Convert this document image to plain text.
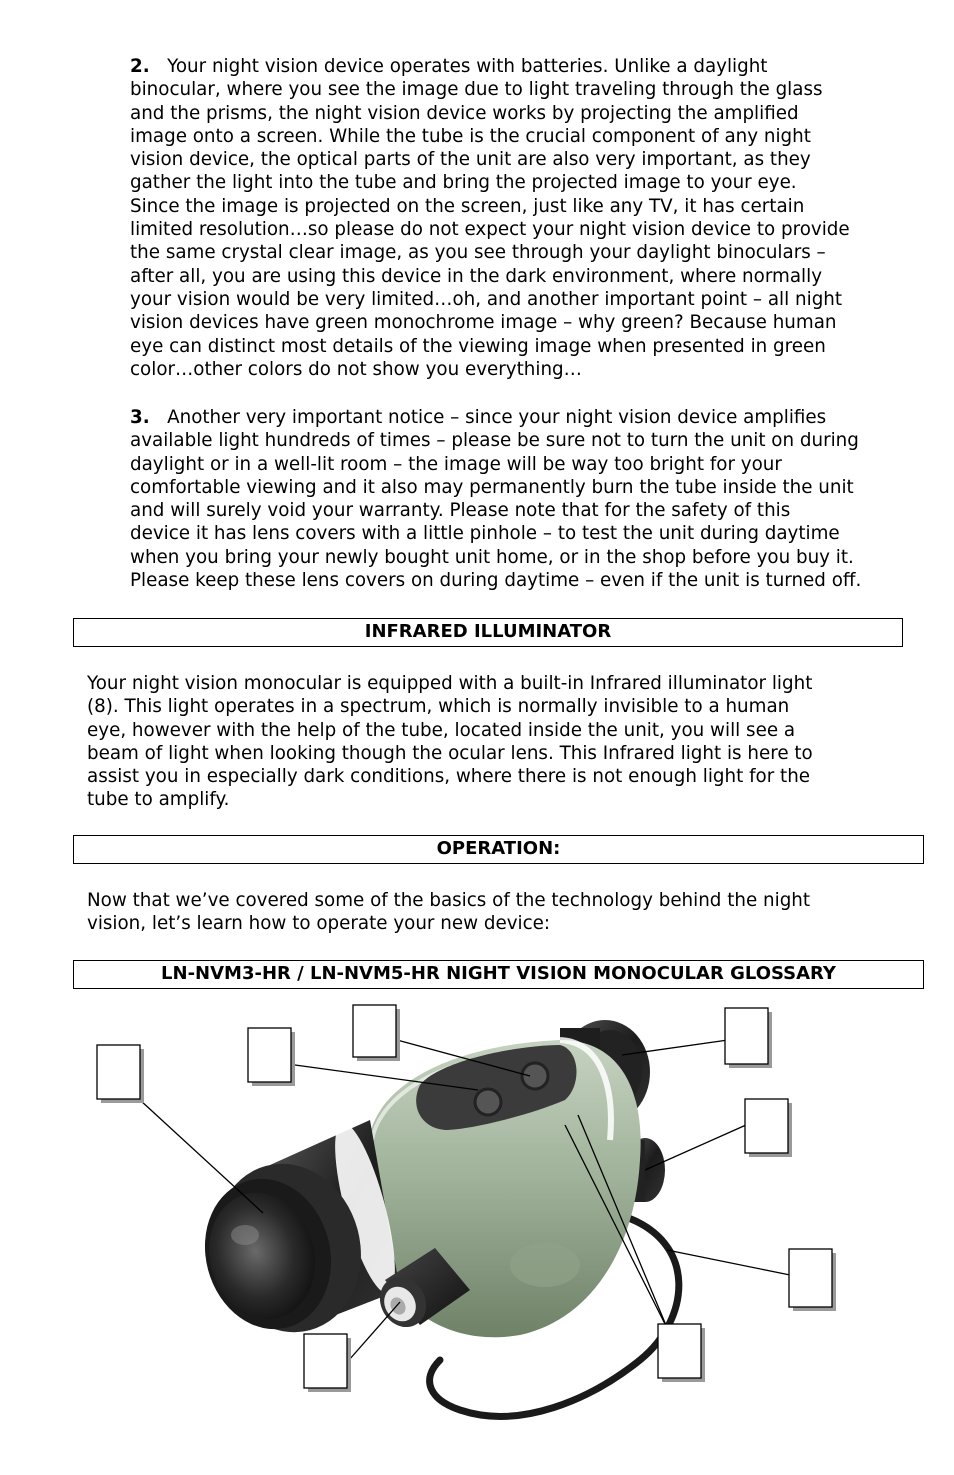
2. Your night vision device operates with batteries. Unlike a daylight
binocular, where you see the image due to light traveling through the glass
and the prisms, the night vision device works by projecting the amplified
image onto a screen. While the tube is the crucial component of any night
vision device, the optical parts of the unit are also very important, as they
gather the light into the tube and bring the projected image to your eye.
Since the image is projected on the screen, just like any TV, it has certain
limited resolution…so please do not expect your night vision device to provide
the same crystal clear image, as you see through your daylight binoculars –
after all, you are using this device in the dark environment, where normally
your vision would be very limited…oh, and another important point – all night
vision devices have green monochrome image – why green? Because human
eye can distinct most details of the viewing image when presented in green
color…other colors do not show you everything…
3. Another very important notice – since your night vision device amplifies
available light hundreds of times – please be sure not to turn the unit on during
daylight or in a well-lit room – the image will be way too bright for your
comfortable viewing and it also may permanently burn the tube inside the unit
and will surely void your warranty. Please note that for the safety of this
device it has lens covers with a little pinhole – to test the unit during daytime
when you bring your newly bought unit home, or in the shop before you buy it.
Please keep these lens covers on during daytime – even if the unit is turned off.
INFRARED ILLUMINATOR
Your night vision monocular is equipped with a built-in Infrared illuminator light
(8). This light operates in a spectrum, which is normally invisible to a human
eye, however with the help of the tube, located inside the unit, you will see a
beam of light when looking though the ocular lens. This Infrared light is here to
assist you in especially dark conditions, where there is not enough light for the
tube to amplify.
OPERATION:
Now that we’ve covered some of the basics of the technology behind the night
vision, let’s learn how to operate your new device:
LN-NVM3-HR / LN-NVM5-HR NIGHT VISION MONOCULAR GLOSSARY
